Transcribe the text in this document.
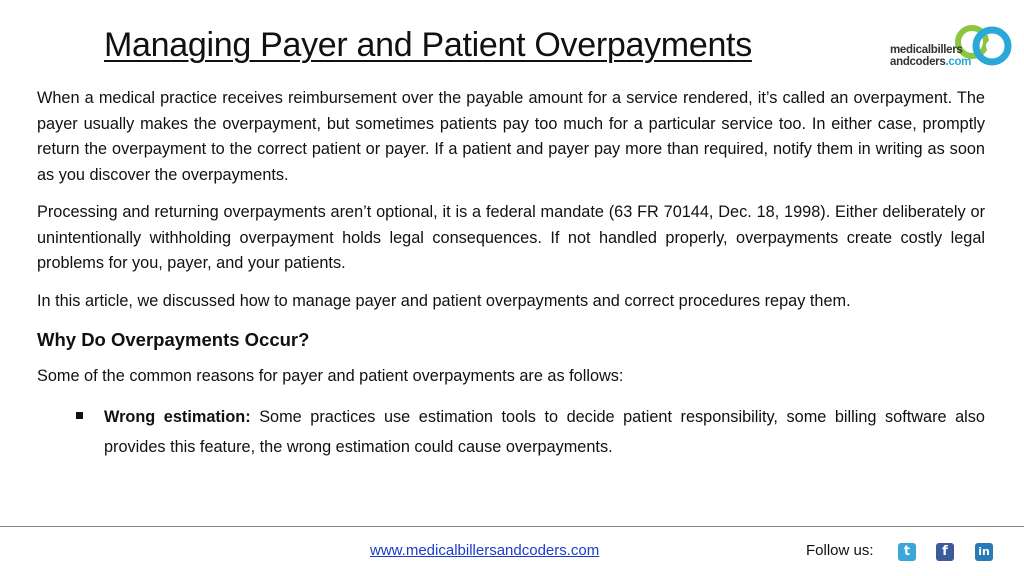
Managing Payer and Patient Overpayments	medicalbillers
andcoders.com

When a medical practice receives reimbursement over the payable amount for a service rendered, it’s called an overpayment. The payer usually makes the overpayment, but sometimes patients pay too much for a particular service too. In either case, promptly return the overpayment to the correct patient or payer. If a patient and payer pay more than required, notify them in writing as soon as you discover the overpayments.

Processing and returning overpayments aren’t optional, it is a federal mandate (63 FR 70144, Dec. 18, 1998). Either deliberately or unintentionally withholding overpayment holds legal consequences. If not handled properly, overpayments create costly legal problems for you, payer, and your patients.

In this article, we discussed how to manage payer and patient overpayments and correct procedures repay them.

Why Do Overpayments Occur?
Some of the common reasons for payer and patient overpayments are as follows:
Wrong estimation: Some practices use estimation tools to decide patient responsibility, some billing software also provides this feature, the wrong estimation could cause overpayments.
www.medicalbillersandcoders.com	Follow us:	t	f	in
